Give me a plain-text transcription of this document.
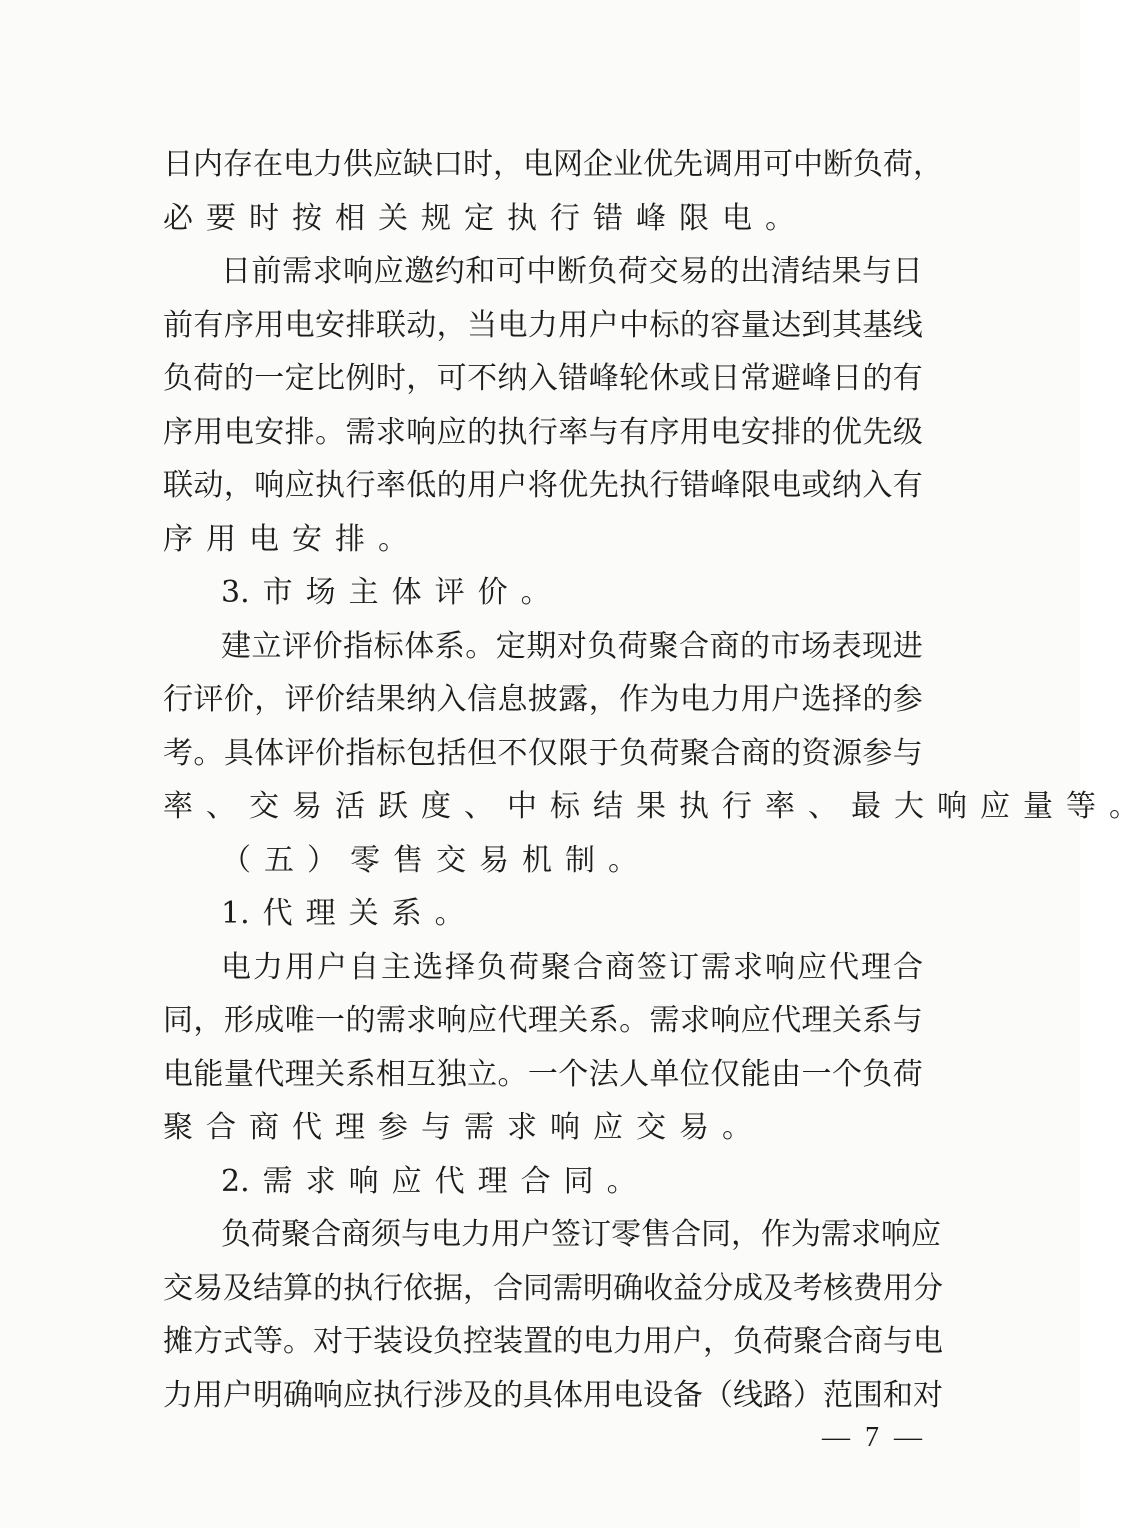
日 内 存 在 电 力 供 应 缺 口 时 ， 电 网 企 业 优 先 调 用 可 中 断 负 荷 ，
必 要 时 按 相 关 规 定 执 行 错 峰 限 电 。
日 前 需 求 响 应 邀 约 和 可 中 断 负 荷 交 易 的 出 清 结 果 与 日
前 有 序 用 电 安 排 联 动 ， 当 电 力 用 户 中 标 的 容 量 达 到 其 基 线
负 荷 的 一 定 比 例 时 ， 可 不 纳 入 错 峰 轮 休 或 日 常 避 峰 日 的 有
序 用 电 安 排 。 需 求 响 应 的 执 行 率 与 有 序 用 电 安 排 的 优 先 级
联 动 ， 响 应 执 行 率 低 的 用 户 将 优 先 执 行 错 峰 限 电 或 纳 入 有
序 用 电 安 排 。
3. 市 场 主 体 评 价 。
建 立 评 价 指 标 体 系 。 定 期 对 负 荷 聚 合 商 的 市 场 表 现 进
行 评 价 ， 评 价 结 果 纳 入 信 息 披 露 ， 作 为 电 力 用 户 选 择 的 参
考 。 具 体 评 价 指 标 包 括 但 不 仅 限 于 负 荷 聚 合 商 的 资 源 参 与
率 、 交 易 活 跃 度 、 中 标 结 果 执 行 率 、 最 大 响 应 量 等 。
（ 五 ） 零 售 交 易 机 制 。
1. 代 理 关 系 。
电 力 用 户 自 主 选 择 负 荷 聚 合 商 签 订 需 求 响 应 代 理 合
同 ， 形 成 唯 一 的 需 求 响 应 代 理 关 系 。 需 求 响 应 代 理 关 系 与
电 能 量 代 理 关 系 相 互 独 立 。 一 个 法 人 单 位 仅 能 由 一 个 负 荷
聚 合 商 代 理 参 与 需 求 响 应 交 易 。
2. 需 求 响 应 代 理 合 同 。
负 荷 聚 合 商 须 与 电 力 用 户 签 订 零 售 合 同 ， 作 为 需 求 响 应
交 易 及 结 算 的 执 行 依 据 ， 合 同 需 明 确 收 益 分 成 及 考 核 费 用 分
摊 方 式 等 。 对 于 装 设 负 控 装 置 的 电 力 用 户 ， 负 荷 聚 合 商 与 电
力 用 户 明 确 响 应 执 行 涉 及 的 具 体 用 电 设 备 （ 线 路 ） 范 围 和 对
— 7 —
